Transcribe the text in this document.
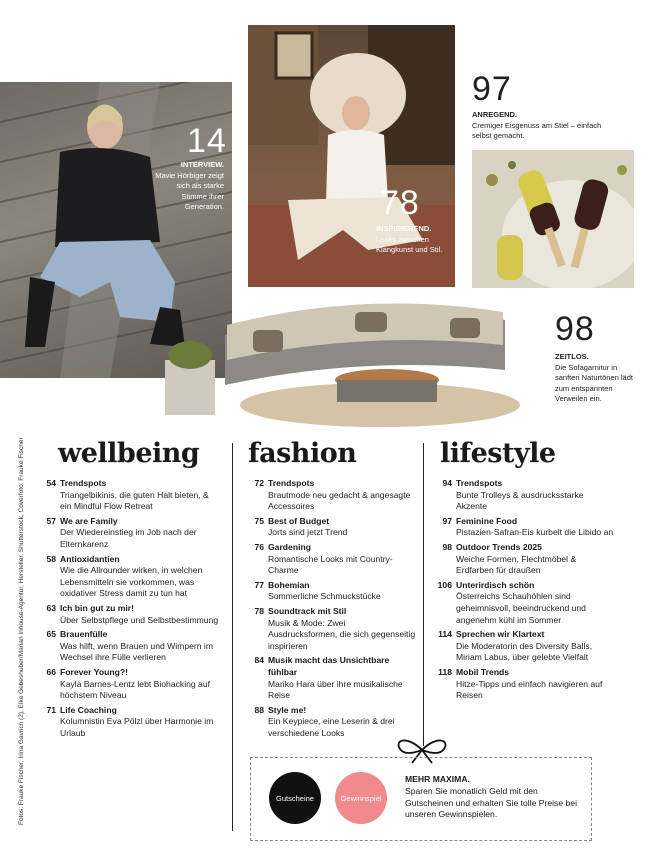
Fotos: Frauke Fischer, Irina Gavrich (2), Elke Gebeshuber/Marian Inhouse-Agentur, Hersteller, Shutterstock, Coverfoto: Frauke Fischer
14
INTERVIEW.
Mavie Hörbiger zeigt sich als starke Stimme ihrer Generation.	78
INSPIRIEREND.
Looks zwischen Klangkunst und Stil.
97
ANREGEND.
Cremiger Eisgenuss am Stiel – einfach selbst gemacht.
98
ZEITLOS.
Die Sofagarnitur in sanften Naturtönen lädt zum entspannten Verweilen ein.
wellbeing fashion	lifestyle
54 Trendspots
Triangelbikinis, die guten Halt bieten, & ein Mindful Flow Retreat
57 We are Family
Der Wiedereinstieg im Job nach der Elternkarenz
58 Antioxidantien
Wie die Allrounder wirken, in welchen Lebensmitteln sie vorkommen, was oxidativer Stress damit zu tun hat
63 Ich bin gut zu mir!
Über Selbstpflege und Selbstbestimmung
65 Brauenfülle
Was hilft, wenn Brauen und Wimpern im Wechsel ihre Fülle verlieren
66 Forever Young?!
Kayla Barnes-Lentz lebt Biohacking auf höchstem Niveau
71 Life Coaching
Kolumnistin Eva Pölzl über Harmonie im Urlaub
72 Trendspots
Brautmode neu gedacht & angesagte Accessoires
75 Best of Budget
Jorts sind jetzt Trend
76 Gardening
Romantische Looks mit Country-Charme
77 Bohemian
Sommerliche Schmuckstücke
78 Soundtrack mit Stil
Musik & Mode: Zwei Ausdrucksformen, die sich gegenseitig inspirieren
84 Musik macht das Unsichtbare fühlbar
Mariko Hara über ihre musikalische Reise
88 Style me!
Ein Keypiece, eine Leserin & drei verschiedene Looks
94 Trendspots
Bunte Trolleys & ausdrucksstarke Akzente
97 Feminine Food
Pistazien-Safran-Eis kurbelt die Libido an
98 Outdoor Trends 2025
Weiche Formen, Flechtmöbel & Erdfarben für draußen
106 Unterirdisch schön
Österreichs Schauhöhlen sind geheimnisvoll, beeindruckend und angenehm kühl im Sommer
114 Sprechen wir Klartext
Die Moderatorin des Diversity Balls, Miriam Labus, über gelebte Vielfalt
118 Mobil Trends
Hitze-Tipps und einfach navigieren auf Reisen
Gutscheine	Gewinnspiel
MEHR MAXIMA.
Sparen Sie monatlich Geld mit den Gutscheinen und erhalten Sie tolle Preise bei unseren Gewinnspielen.
